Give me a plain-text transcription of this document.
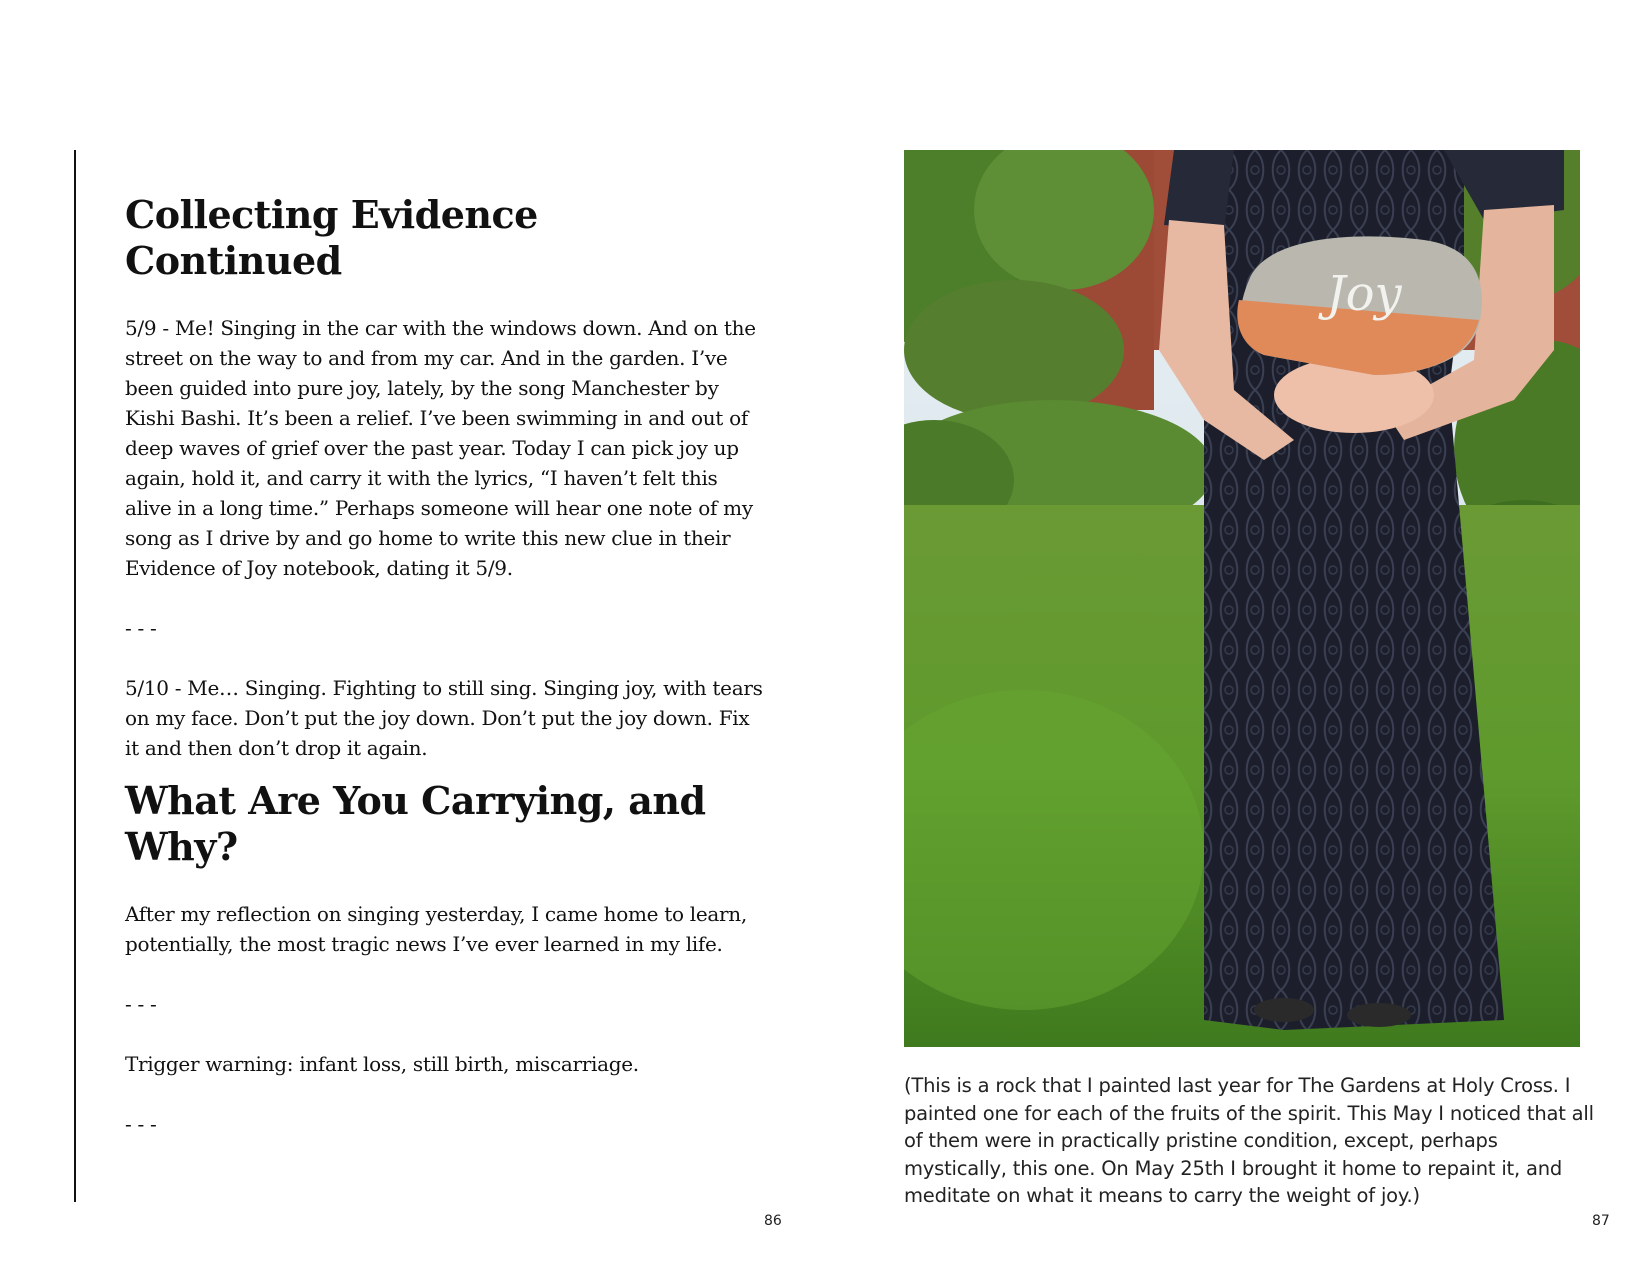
Collecting Evidence Continued

5/9 - Me! Singing in the car with the windows down. And on the street on the way to and from my car. And in the garden. I’ve been guided into pure joy, lately, by the song Manchester by Kishi Bashi. It’s been a relief. I’ve been swimming in and out of deep waves of grief over the past year. Today I can pick joy up again, hold it, and carry it with the lyrics, “I haven’t felt this alive in a long time.” Perhaps someone will hear one note of my song as I drive by and go home to write this new clue in their Evidence of Joy notebook, dating it 5/9.

- - -

5/10 - Me… Singing. Fighting to still sing. Singing joy, with tears on my face. Don’t put the joy down. Don’t put the joy down. Fix it and then don’t drop it again.

What Are You Carrying, and Why?

After my reflection on singing yesterday, I came home to learn, potentially, the most tragic news I’ve ever learned in my life.

- - -

Trigger warning: infant loss, still birth, miscarriage.

- - -

Joy
(This is a rock that I painted last year for The Gardens at Holy Cross. I painted one for each of the fruits of the spirit. This May I noticed that all of them were in practically pristine condition, except, perhaps mystically, this one. On May 25th I brought it home to repaint it, and meditate on what it means to carry the weight of joy.)
86	87
